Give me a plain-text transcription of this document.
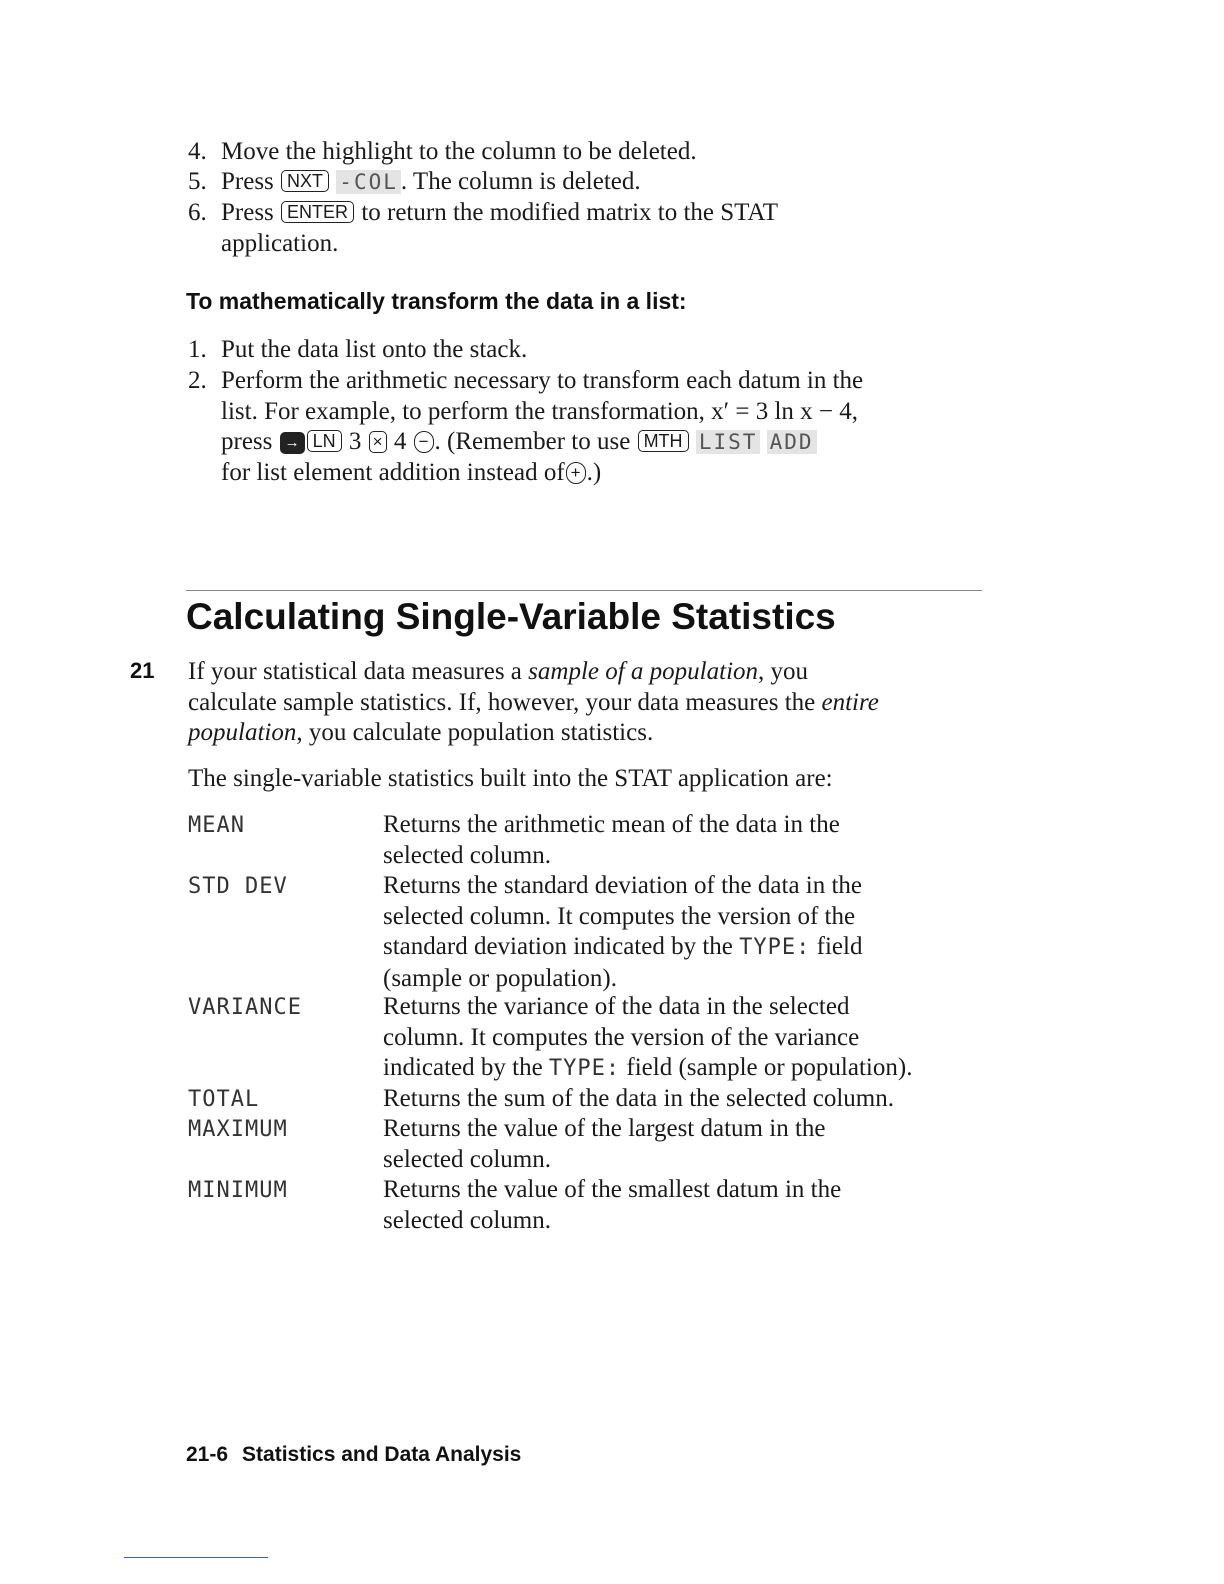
4. Move the highlight to the column to be deleted.
5. Press NXT -COL . The column is deleted.
6. Press ENTER to return the modified matrix to the STAT
application.
To mathematically transform the data in a list:
1. Put the data list onto the stack.
2. Perform the arithmetic necessary to transform each datum in the
list. For example, to perform the transformation, x′ = 3 ln x − 4,
press → LN 3 × 4 − . (Remember to use MTH LIST ADD
for list element addition instead of + .)
Calculating Single-Variable Statistics
21 If your statistical data measures a sample of a population, you
calculate sample statistics. If, however, your data measures the entire
population, you calculate population statistics.
The single-variable statistics built into the STAT application are:
MEAN	Returns the arithmetic mean of the data in the
selected column.
STD DEV	Returns the standard deviation of the data in the
selected column. It computes the version of the
standard deviation indicated by the TYPE: field
(sample or population).
VARIANCE	Returns the variance of the data in the selected
column. It computes the version of the variance
indicated by the TYPE: field (sample or population).
TOTAL	Returns the sum of the data in the selected column.
MAXIMUM	Returns the value of the largest datum in the
selected column.
MINIMUM	Returns the value of the smallest datum in the
selected column.
21-6 Statistics and Data Analysis
